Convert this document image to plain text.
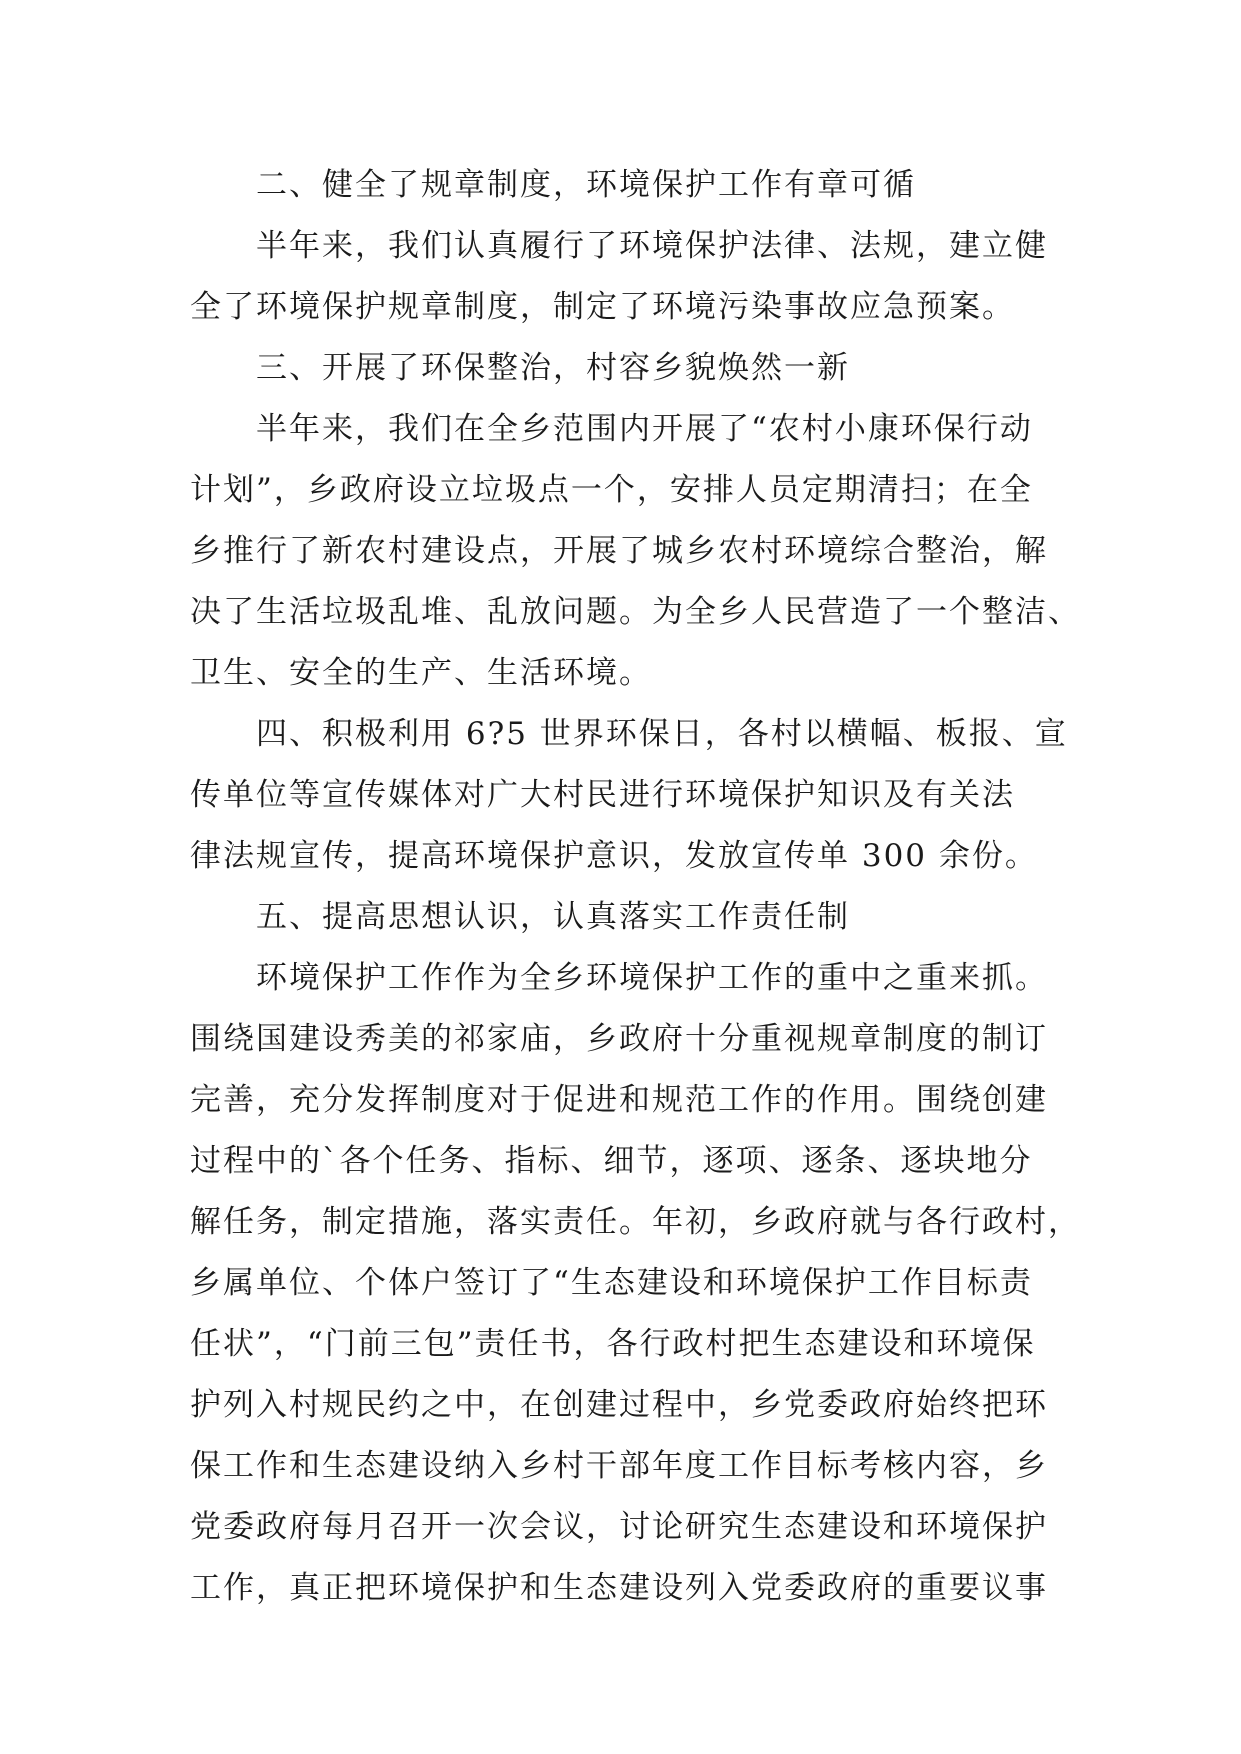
二、健全了规章制度，环境保护工作有章可循
半年来，我们认真履行了环境保护法律、法规，建立健
全了环境保护规章制度，制定了环境污染事故应急预案。
三、开展了环保整治，村容乡貌焕然一新
半年来，我们在全乡范围内开展了“农村小康环保行动
计划”，乡政府设立垃圾点一个，安排人员定期清扫；在全
乡推行了新农村建设点，开展了城乡农村环境综合整治，解
决了生活垃圾乱堆、乱放问题。为全乡人民营造了一个整洁、
卫生、安全的生产、生活环境。
四、积极利用 6?5 世界环保日，各村以横幅、板报、宣
传单位等宣传媒体对广大村民进行环境保护知识及有关法
律法规宣传，提高环境保护意识，发放宣传单 300 余份。
五、提高思想认识，认真落实工作责任制
环境保护工作作为全乡环境保护工作的重中之重来抓。
围绕国建设秀美的祁家庙，乡政府十分重视规章制度的制订
完善，充分发挥制度对于促进和规范工作的作用。围绕创建
过程中的`各个任务、指标、细节，逐项、逐条、逐块地分
解任务，制定措施，落实责任。年初，乡政府就与各行政村，
乡属单位、个体户签订了“生态建设和环境保护工作目标责
任状”，“门前三包”责任书，各行政村把生态建设和环境保
护列入村规民约之中，在创建过程中，乡党委政府始终把环
保工作和生态建设纳入乡村干部年度工作目标考核内容，乡
党委政府每月召开一次会议，讨论研究生态建设和环境保护
工作，真正把环境保护和生态建设列入党委政府的重要议事
